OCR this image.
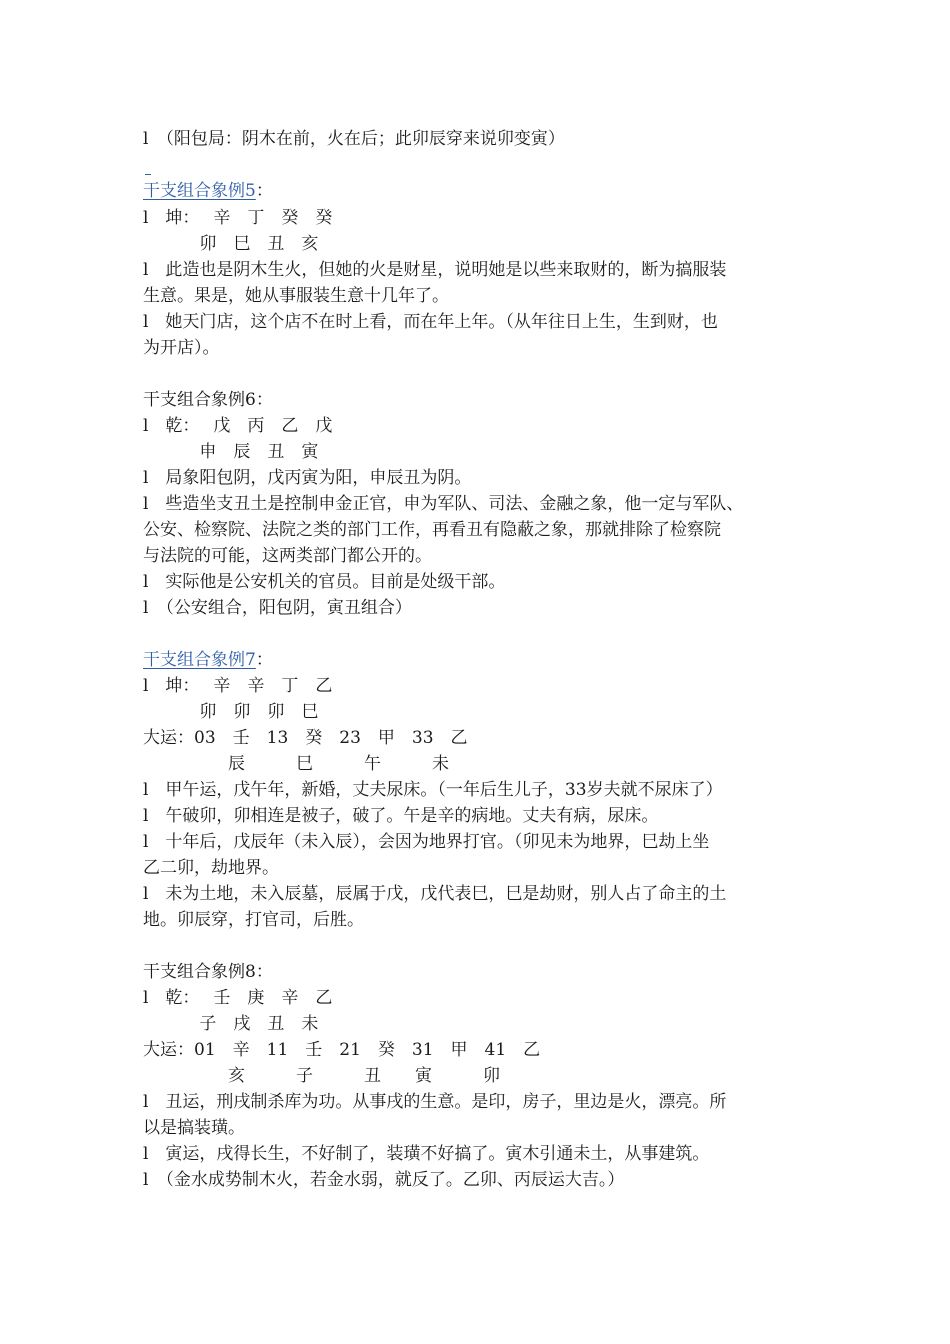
l　（阳包局：阴木在前，火在后；此卯辰穿来说卯变寅）
干支组合象例5：
l　坤：　 辛　丁　癸　癸
　　　 卯　巳　丑　亥
l　此造也是阴木生火，但她的火是财星，说明她是以些来取财的，断为搞服装
生意。果是，她从事服装生意十几年了。
l　她天门店，这个店不在时上看，而在年上年。（从年往日上生，生到财，也
为开店）。
干支组合象例6：
l　乾：　 戊　丙　乙　戊
　　　 申　辰　丑　寅
l　局象阳包阴，戊丙寅为阳，申辰丑为阴。
l　些造坐支丑土是控制申金正官，申为军队、司法、金融之象，他一定与军队、
公安、检察院、法院之类的部门工作，再看丑有隐蔽之象，那就排除了检察院
与法院的可能，这两类部门都公开的。
l　实际他是公安机关的官员。目前是处级干部。
l　（公安组合，阳包阴，寅丑组合）
干支组合象例7：
l　坤：　 辛　辛　丁　乙
　　　 卯　卯　卯　巳
大运：03　壬　13　癸　23　甲　33　乙
　　　　　辰　　　巳　　　午　　　未
l　甲午运，戊午年，新婚，丈夫尿床。（一年后生儿子，33岁夫就不尿床了）
l　午破卯，卯相连是被子，破了。午是辛的病地。丈夫有病，尿床。
l　十年后，戊辰年（未入辰），会因为地界打官。（卯见未为地界，巳劫上坐
乙二卯，劫地界。
l　未为土地，未入辰墓，辰属于戊，戊代表巳，巳是劫财，别人占了命主的土
地。卯辰穿，打官司，后胜。
干支组合象例8：
l　乾：　 壬　庚　辛　乙
　　　 子　戌　丑　未
大运：01　辛　11　壬　21　癸　31　甲　41　乙
　　　　　亥　　　子　　　丑　　寅　　　卯
l　丑运，刑戌制杀库为功。从事戌的生意。是印，房子，里边是火，漂亮。所
以是搞装璜。
l　寅运，戌得长生，不好制了，装璜不好搞了。寅木引通未土，从事建筑。
l　（金水成势制木火，若金水弱，就反了。乙卯、丙辰运大吉。）
